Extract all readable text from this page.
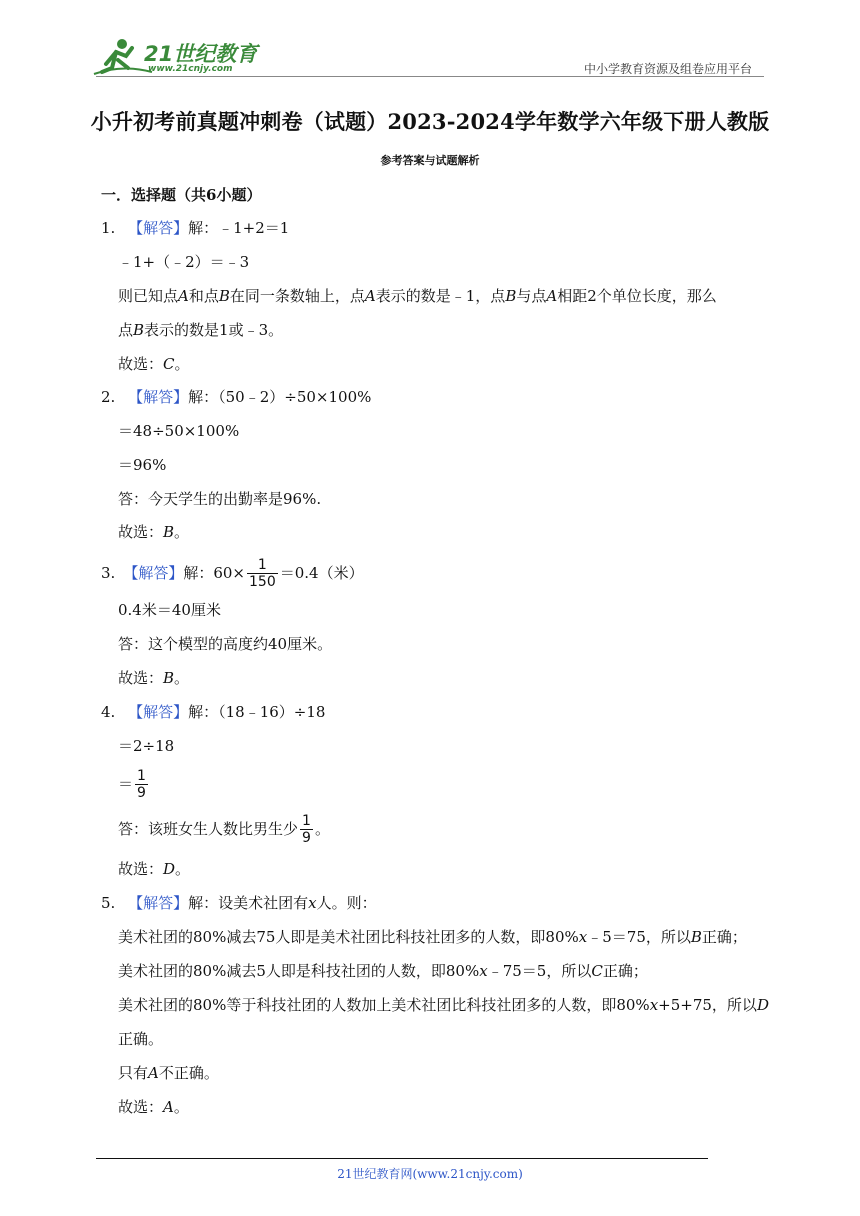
21世纪教育
www.21cnjy.com	中小学教育资源及组卷应用平台
小升初考前真题冲刺卷（试题）2023-2024学年数学六年级下册人教版
参考答案与试题解析
一．选择题（共6小题）
1. 【解答】解：﹣1+2＝1
﹣1+（﹣2）＝﹣3
则已知点A和点B在同一条数轴上，点A表示的数是﹣1，点B与点A相距2个单位长度，那么
点B表示的数是1或﹣3。
故选：C。
2. 【解答】解：（50﹣2）÷50×100%
＝48÷50×100%
＝96%
答：今天学生的出勤率是96%.
故选：B。
3. 【解答】 解： $60\times \frac{1}{150} =0.4$（米）
0.4米＝40厘米
答：这个模型的高度约40厘米。
故选：B。
4. 【解答】解：（18﹣16）÷18
＝2÷18
＝ $\frac{1}{9}$
答：该班女生人数比男生少 $\frac{1}{9}$ 。
故选：D。
5. 【解答】解：设美术社团有x人。则：
美术社团的80%减去75人即是美术社团比科技社团多的人数，即80%x﹣5＝75，所以B正确；
美术社团的80%减去5人即是科技社团的人数，即80%x﹣75＝5，所以C正确；
美术社团的80%等于科技社团的人数加上美术社团比科技社团多的人数，即80%x+5+75，所以D
正确。
只有A不正确。
故选：A。
21世纪教育网(www.21cnjy.com)
